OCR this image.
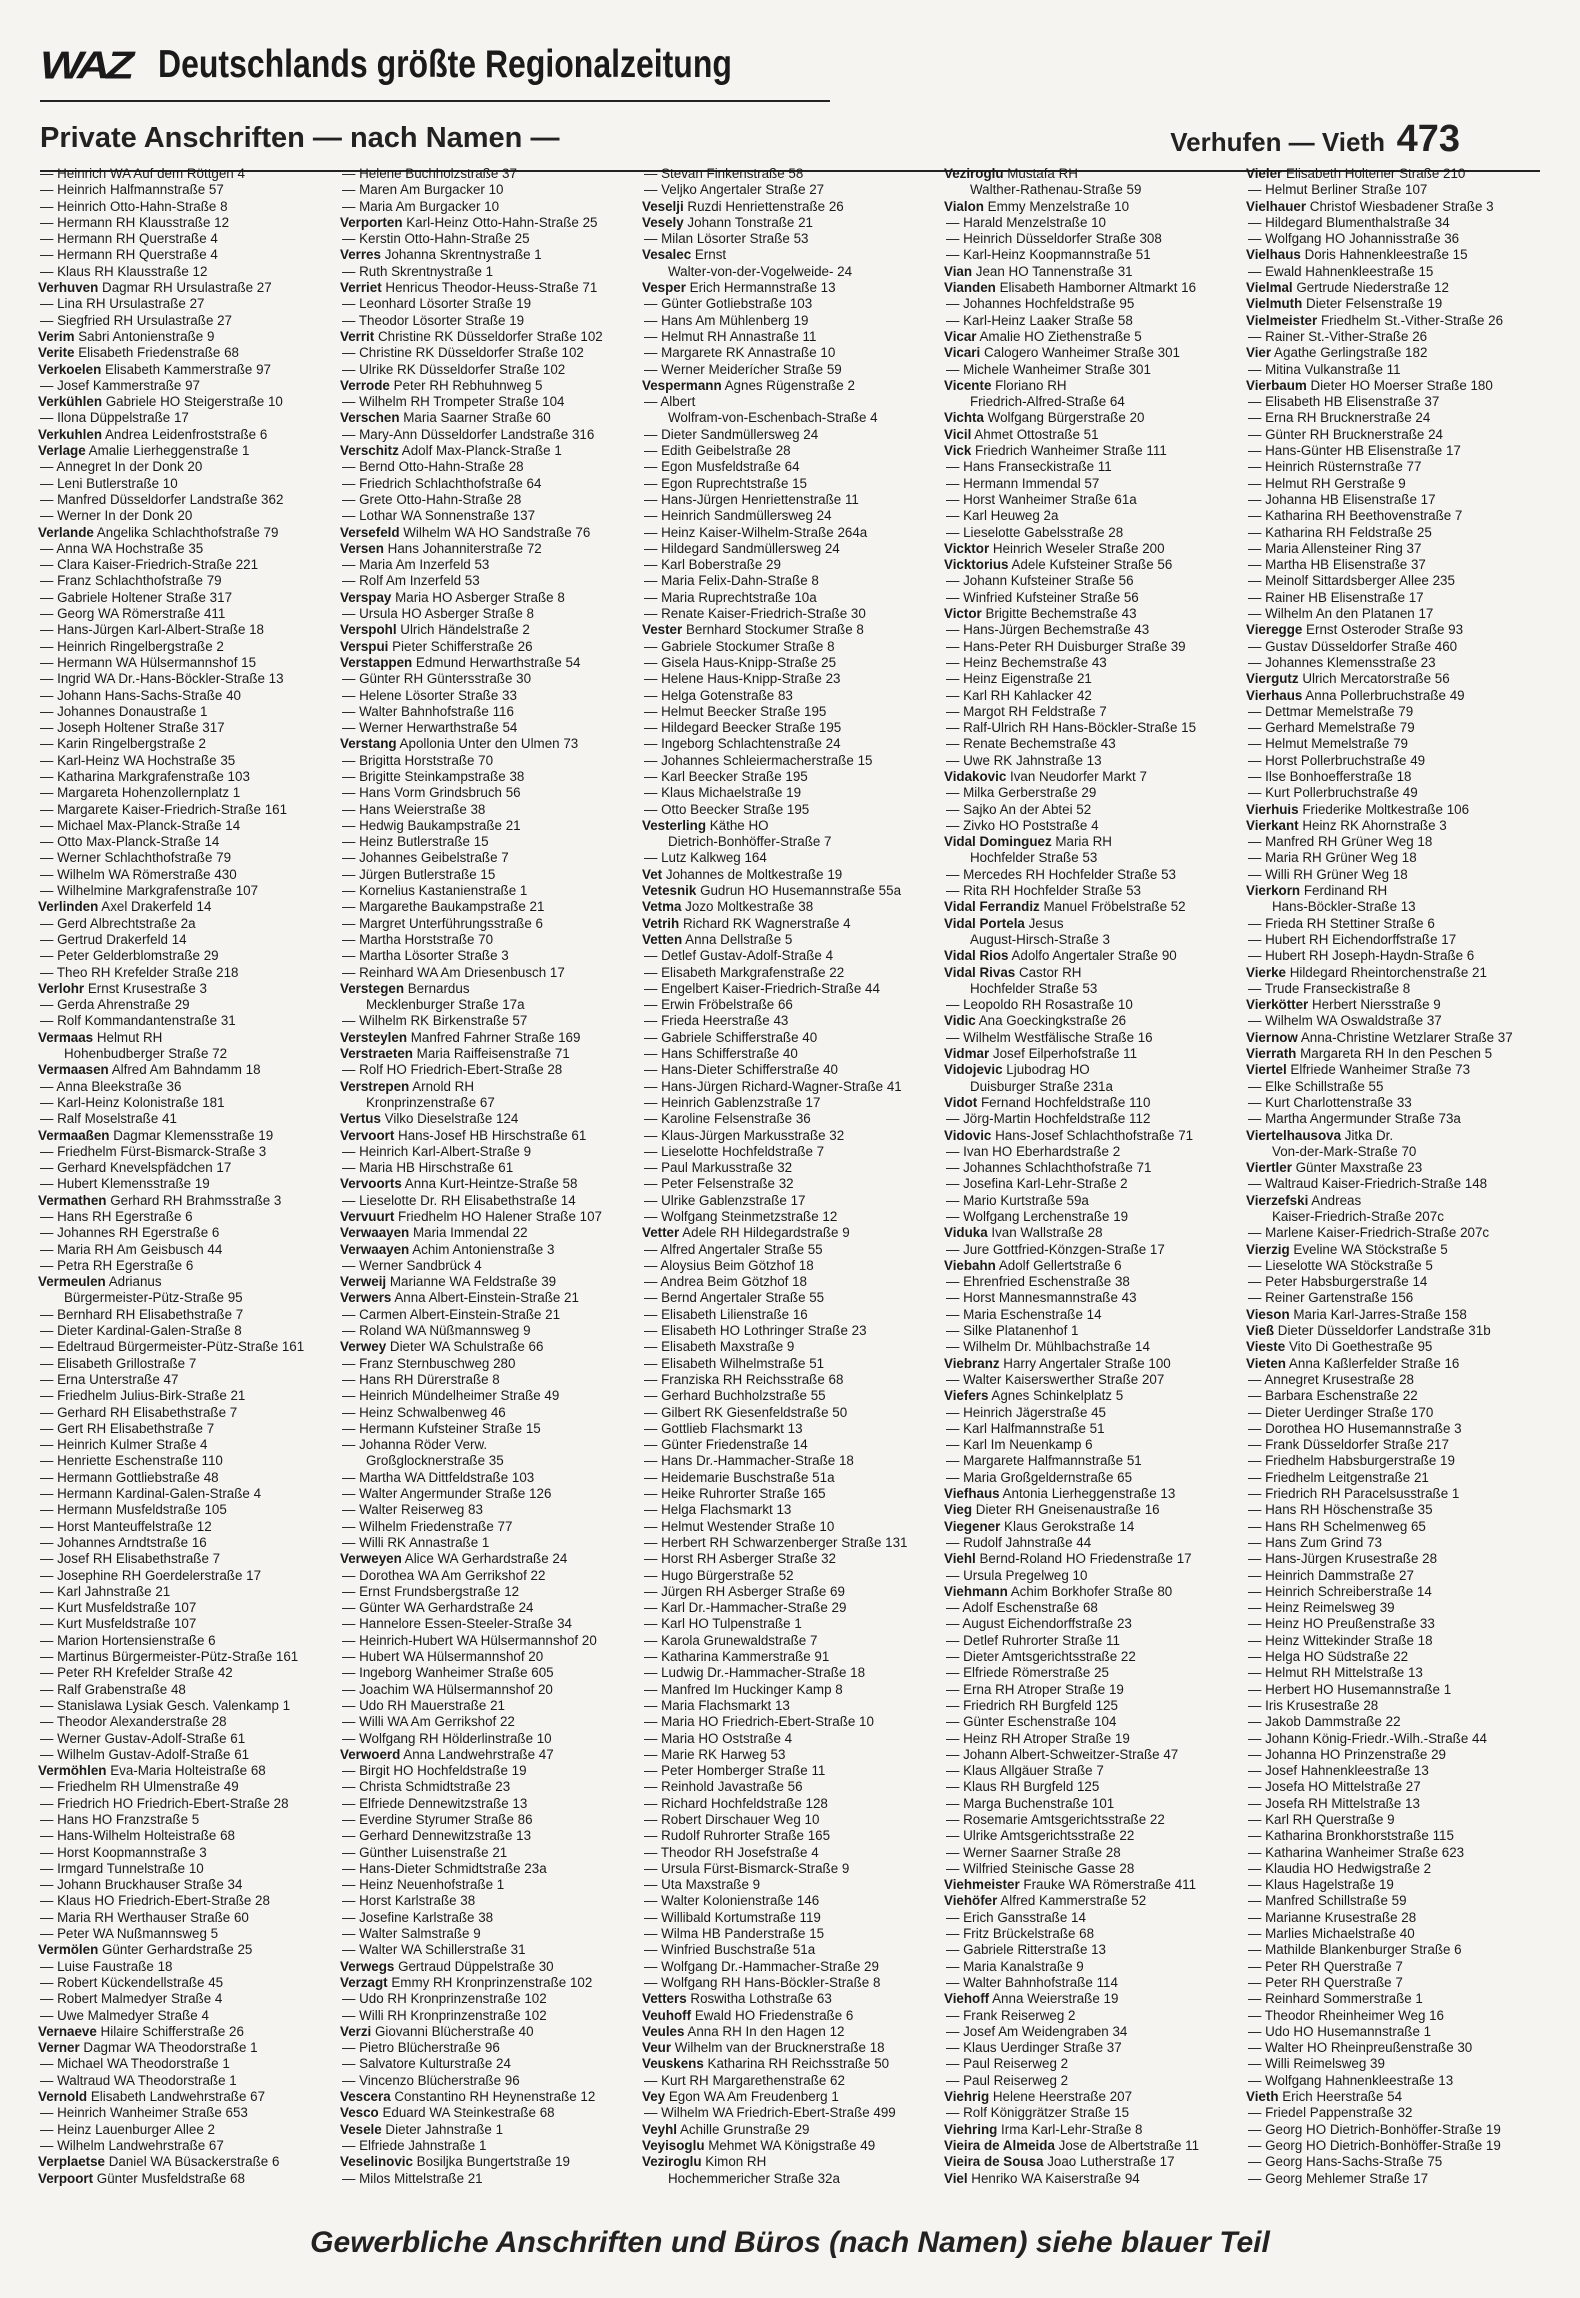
WAZ Deutschlands größte Regionalzeitung
Private Anschriften — nach Namen —	Verhufen — Vieth 473
— Heinrich WA Auf dem Röttgen 4
— Heinrich Halfmannstraße 57
— Heinrich Otto-Hahn-Straße 8
— Hermann RH Klausstraße 12
— Hermann RH Querstraße 4
— Hermann RH Querstraße 4
— Klaus RH Klausstraße 12
Verhuven Dagmar RH Ursulastraße 27
— Lina RH Ursulastraße 27
— Siegfried RH Ursulastraße 27
Verim Sabri Antonienstraße 9
Verite Elisabeth Friedenstraße 68
Verkoelen Elisabeth Kammerstraße 97
— Josef Kammerstraße 97
Verkühlen Gabriele HO Steigerstraße 10
— Ilona Düppelstraße 17
Verkuhlen Andrea Leidenfroststraße 6
Verlage Amalie Lierheggenstraße 1
— Annegret In der Donk 20
— Leni Butlerstraße 10
— Manfred Düsseldorfer Landstraße 362
— Werner In der Donk 20
Verlande Angelika Schlachthofstraße 79
— Anna WA Hochstraße 35
— Clara Kaiser-Friedrich-Straße 221
— Franz Schlachthofstraße 79
— Gabriele Holtener Straße 317
— Georg WA Römerstraße 411
— Hans-Jürgen Karl-Albert-Straße 18
— Heinrich Ringelbergstraße 2
— Hermann WA Hülsermannshof 15
— Ingrid WA Dr.-Hans-Böckler-Straße 13
— Johann Hans-Sachs-Straße 40
— Johannes Donaustraße 1
— Joseph Holtener Straße 317
— Karin Ringelbergstraße 2
— Karl-Heinz WA Hochstraße 35
— Katharina Markgrafenstraße 103
— Margareta Hohenzollernplatz 1
— Margarete Kaiser-Friedrich-Straße 161
— Michael Max-Planck-Straße 14
— Otto Max-Planck-Straße 14
— Werner Schlachthofstraße 79
— Wilhelm WA Römerstraße 430
— Wilhelmine Markgrafenstraße 107
Verlinden Axel Drakerfeld 14
— Gerd Albrechtstraße 2a
— Gertrud Drakerfeld 14
— Peter Gelderblomstraße 29
— Theo RH Krefelder Straße 218
Verlohr Ernst Krusestraße 3
— Gerda Ahrenstraße 29
— Rolf Kommandantenstraße 31
Vermaas Helmut RH
Hohenbudberger Straße 72
Vermaasen Alfred Am Bahndamm 18
— Anna Bleekstraße 36
— Karl-Heinz Kolonistraße 181
— Ralf Moselstraße 41
Vermaaßen Dagmar Klemensstraße 19
— Friedhelm Fürst-Bismarck-Straße 3
— Gerhard Knevelspfädchen 17
— Hubert Klemensstraße 19
Vermathen Gerhard RH Brahmsstraße 3
— Hans RH Egerstraße 6
— Johannes RH Egerstraße 6
— Maria RH Am Geisbusch 44
— Petra RH Egerstraße 6
Vermeulen Adrianus
Bürgermeister-Pütz-Straße 95
— Bernhard RH Elisabethstraße 7
— Dieter Kardinal-Galen-Straße 8
— Edeltraud Bürgermeister-Pütz-Straße 161
— Elisabeth Grillostraße 7
— Erna Unterstraße 47
— Friedhelm Julius-Birk-Straße 21
— Gerhard RH Elisabethstraße 7
— Gert RH Elisabethstraße 7
— Heinrich Kulmer Straße 4
— Henriette Eschenstraße 110
— Hermann Gottliebstraße 48
— Hermann Kardinal-Galen-Straße 4
— Hermann Musfeldstraße 105
— Horst Manteuffelstraße 12
— Johannes Arndtstraße 16
— Josef RH Elisabethstraße 7
— Josephine RH Goerdelerstraße 17
— Karl Jahnstraße 21
— Kurt Musfeldstraße 107
— Kurt Musfeldstraße 107
— Marion Hortensienstraße 6
— Martinus Bürgermeister-Pütz-Straße 161
— Peter RH Krefelder Straße 42
— Ralf Grabenstraße 48
— Stanislawa Lysiak Gesch. Valenkamp 1
— Theodor Alexanderstraße 28
— Werner Gustav-Adolf-Straße 61
— Wilhelm Gustav-Adolf-Straße 61
Vermöhlen Eva-Maria Holteistraße 68
— Friedhelm RH Ulmenstraße 49
— Friedrich HO Friedrich-Ebert-Straße 28
— Hans HO Franzstraße 5
— Hans-Wilhelm Holteistraße 68
— Horst Koopmannstraße 3
— Irmgard Tunnelstraße 10
— Johann Bruckhauser Straße 34
— Klaus HO Friedrich-Ebert-Straße 28
— Maria RH Werthauser Straße 60
— Peter WA Nußmannsweg 5
Vermölen Günter Gerhardstraße 25
— Luise Faustraße 18
— Robert Kückendellstraße 45
— Robert Malmedyer Straße 4
— Uwe Malmedyer Straße 4
Vernaeve Hilaire Schifferstraße 26
Verner Dagmar WA Theodorstraße 1
— Michael WA Theodorstraße 1
— Waltraud WA Theodorstraße 1
Vernold Elisabeth Landwehrstraße 67
— Heinrich Wanheimer Straße 653
— Heinz Lauenburger Allee 2
— Wilhelm Landwehrstraße 67
Verplaetse Daniel WA Büsackerstraße 6
Verpoort Günter Musfeldstraße 68
— Helene Buchholzstraße 37
— Maren Am Burgacker 10
— Maria Am Burgacker 10
Verporten Karl-Heinz Otto-Hahn-Straße 25
— Kerstin Otto-Hahn-Straße 25
Verres Johanna Skrentnystraße 1
— Ruth Skrentnystraße 1
Verriet Henricus Theodor-Heuss-Straße 71
— Leonhard Lösorter Straße 19
— Theodor Lösorter Straße 19
Verrit Christine RK Düsseldorfer Straße 102
— Christine RK Düsseldorfer Straße 102
— Ulrike RK Düsseldorfer Straße 102
Verrode Peter RH Rebhuhnweg 5
— Wilhelm RH Trompeter Straße 104
Verschen Maria Saarner Straße 60
— Mary-Ann Düsseldorfer Landstraße 316
Verschitz Adolf Max-Planck-Straße 1
— Bernd Otto-Hahn-Straße 28
— Friedrich Schlachthofstraße 64
— Grete Otto-Hahn-Straße 28
— Lothar WA Sonnenstraße 137
Versefeld Wilhelm WA HO Sandstraße 76
Versen Hans Johanniterstraße 72
— Maria Am Inzerfeld 53
— Rolf Am Inzerfeld 53
Verspay Maria HO Asberger Straße 8
— Ursula HO Asberger Straße 8
Verspohl Ulrich Händelstraße 2
Verspui Pieter Schifferstraße 26
Verstappen Edmund Herwarthstraße 54
— Günter RH Güntersstraße 30
— Helene Lösorter Straße 33
— Walter Bahnhofstraße 116
— Werner Herwarthstraße 54
Verstang Apollonia Unter den Ulmen 73
— Brigitta Horststraße 70
— Brigitte Steinkampstraße 38
— Hans Vorm Grindsbruch 56
— Hans Weierstraße 38
— Hedwig Baukampstraße 21
— Heinz Butlerstraße 15
— Johannes Geibelstraße 7
— Jürgen Butlerstraße 15
— Kornelius Kastanienstraße 1
— Margarethe Baukampstraße 21
— Margret Unterführungsstraße 6
— Martha Horststraße 70
— Martha Lösorter Straße 3
— Reinhard WA Am Driesenbusch 17
Verstegen Bernardus
Mecklenburger Straße 17a
— Wilhelm RK Birkenstraße 57
Versteylen Manfred Fahrner Straße 169
Verstraeten Maria Raiffeisenstraße 71
— Rolf HO Friedrich-Ebert-Straße 28
Verstrepen Arnold RH
Kronprinzenstraße 67
Vertus Vilko Dieselstraße 124
Vervoort Hans-Josef HB Hirschstraße 61
— Heinrich Karl-Albert-Straße 9
— Maria HB Hirschstraße 61
Vervoorts Anna Kurt-Heintze-Straße 58
— Lieselotte Dr. RH Elisabethstraße 14
Vervuurt Friedhelm HO Halener Straße 107
Verwaayen Maria Immendal 22
Verwaayen Achim Antonienstraße 3
— Werner Sandbrück 4
Verweij Marianne WA Feldstraße 39
Verwers Anna Albert-Einstein-Straße 21
— Carmen Albert-Einstein-Straße 21
— Roland WA Nüßmannsweg 9
Verwey Dieter WA Schulstraße 66
— Franz Sternbuschweg 280
— Hans RH Dürerstraße 8
— Heinrich Mündelheimer Straße 49
— Heinz Schwalbenweg 46
— Hermann Kufsteiner Straße 15
— Johanna Röder Verw.
Großglocknerstraße 35
— Martha WA Dittfeldstraße 103
— Walter Angermunder Straße 126
— Walter Reiserweg 83
— Wilhelm Friedenstraße 77
— Willi RK Annastraße 1
Verweyen Alice WA Gerhardstraße 24
— Dorothea WA Am Gerrikshof 22
— Ernst Frundsbergstraße 12
— Günter WA Gerhardstraße 24
— Hannelore Essen-Steeler-Straße 34
— Heinrich-Hubert WA Hülsermannshof 20
— Hubert WA Hülsermannshof 20
— Ingeborg Wanheimer Straße 605
— Joachim WA Hülsermannshof 20
— Udo RH Mauerstraße 21
— Willi WA Am Gerrikshof 22
— Wolfgang RH Hölderlinstraße 10
Verwoerd Anna Landwehrstraße 47
— Birgit HO Hochfeldstraße 19
— Christa Schmidtstraße 23
— Elfriede Dennewitzstraße 13
— Everdine Styrumer Straße 86
— Gerhard Dennewitzstraße 13
— Günther Luisenstraße 21
— Hans-Dieter Schmidtstraße 23a
— Heinz Neuenhofstraße 1
— Horst Karlstraße 38
— Josefine Karlstraße 38
— Walter Salmstraße 9
— Walter WA Schillerstraße 31
Verwegs Gertraud Düppelstraße 30
Verzagt Emmy RH Kronprinzenstraße 102
— Udo RH Kronprinzenstraße 102
— Willi RH Kronprinzenstraße 102
Verzi Giovanni Blücherstraße 40
— Pietro Blücherstraße 96
— Salvatore Kulturstraße 24
— Vincenzo Blücherstraße 96
Vescera Constantino RH Heynenstraße 12
Vesco Eduard WA Steinkestraße 68
Vesele Dieter Jahnstraße 1
— Elfriede Jahnstraße 1
Veselinovic Bosiljka Bungertstraße 19
— Milos Mittelstraße 21
— Stevan Finkenstraße 58
— Veljko Angertaler Straße 27
Veselji Ruzdi Henriettenstraße 26
Vesely Johann Tonstraße 21
— Milan Lösorter Straße 53
Vesalec Ernst
Walter-von-der-Vogelweide- 24
Vesper Erich Hermannstraße 13
— Günter Gotliebstraße 103
— Hans Am Mühlenberg 19
— Helmut RH Annastraße 11
— Margarete RK Annastraße 10
— Werner Meiderícher Straße 59
Vespermann Agnes Rügenstraße 2
— Albert
Wolfram-von-Eschenbach-Straße 4
— Dieter Sandmüllersweg 24
— Edith Geibelstraße 28
— Egon Musfeldstraße 64
— Egon Ruprechtstraße 15
— Hans-Jürgen Henriettenstraße 11
— Heinrich Sandmüllersweg 24
— Heinz Kaiser-Wilhelm-Straße 264a
— Hildegard Sandmüllersweg 24
— Karl Boberstraße 29
— Maria Felix-Dahn-Straße 8
— Maria Ruprechtstraße 10a
— Renate Kaiser-Friedrich-Straße 30
Vester Bernhard Stockumer Straße 8
— Gabriele Stockumer Straße 8
— Gisela Haus-Knipp-Straße 25
— Helene Haus-Knipp-Straße 23
— Helga Gotenstraße 83
— Helmut Beecker Straße 195
— Hildegard Beecker Straße 195
— Ingeborg Schlachtenstraße 24
— Johannes Schleiermacherstraße 15
— Karl Beecker Straße 195
— Klaus Michaelstraße 19
— Otto Beecker Straße 195
Vesterling Käthe HO
Dietrich-Bonhöffer-Straße 7
— Lutz Kalkweg 164
Vet Johannes de Moltkestraße 19
Vetesnik Gudrun HO Husemannstraße 55a
Vetma Jozo Moltkestraße 38
Vetrih Richard RK Wagnerstraße 4
Vetten Anna Dellstraße 5
— Detlef Gustav-Adolf-Straße 4
— Elisabeth Markgrafenstraße 22
— Engelbert Kaiser-Friedrich-Straße 44
— Erwin Fröbelstraße 66
— Frieda Heerstraße 43
— Gabriele Schifferstraße 40
— Hans Schifferstraße 40
— Hans-Dieter Schifferstraße 40
— Hans-Jürgen Richard-Wagner-Straße 41
— Heinrich Gablenzstraße 17
— Karoline Felsenstraße 36
— Klaus-Jürgen Markusstraße 32
— Lieselotte Hochfeldstraße 7
— Paul Markusstraße 32
— Peter Felsenstraße 32
— Ulrike Gablenzstraße 17
— Wolfgang Steinmetzstraße 12
Vetter Adele RH Hildegardstraße 9
— Alfred Angertaler Straße 55
— Aloysius Beim Götzhof 18
— Andrea Beim Götzhof 18
— Bernd Angertaler Straße 55
— Elisabeth Lilienstraße 16
— Elisabeth HO Lothringer Straße 23
— Elisabeth Maxstraße 9
— Elisabeth Wilhelmstraße 51
— Franziska RH Reichsstraße 68
— Gerhard Buchholzstraße 55
— Gilbert RK Giesenfeldstraße 50
— Gottlieb Flachsmarkt 13
— Günter Friedenstraße 14
— Hans Dr.-Hammacher-Straße 18
— Heidemarie Buschstraße 51a
— Heike Ruhrorter Straße 165
— Helga Flachsmarkt 13
— Helmut Westender Straße 10
— Herbert RH Schwarzenberger Straße 131
— Horst RH Asberger Straße 32
— Hugo Bürgerstraße 52
— Jürgen RH Asberger Straße 69
— Karl Dr.-Hammacher-Straße 29
— Karl HO Tulpenstraße 1
— Karola Grunewaldstraße 7
— Katharina Kammerstraße 91
— Ludwig Dr.-Hammacher-Straße 18
— Manfred Im Huckinger Kamp 8
— Maria Flachsmarkt 13
— Maria HO Friedrich-Ebert-Straße 10
— Maria HO Oststraße 4
— Marie RK Harweg 53
— Peter Homberger Straße 11
— Reinhold Javastraße 56
— Richard Hochfeldstraße 128
— Robert Dirschauer Weg 10
— Rudolf Ruhrorter Straße 165
— Theodor RH Josefstraße 4
— Ursula Fürst-Bismarck-Straße 9
— Uta Maxstraße 9
— Walter Kolonienstraße 146
— Willibald Kortumstraße 119
— Wilma HB Panderstraße 15
— Winfried Buschstraße 51a
— Wolfgang Dr.-Hammacher-Straße 29
— Wolfgang RH Hans-Böckler-Straße 8
Vetters Roswitha Lothstraße 63
Veuhoff Ewald HO Friedenstraße 6
Veules Anna RH In den Hagen 12
Veur Wilhelm van der Brucknerstraße 18
Veuskens Katharina RH Reichsstraße 50
— Kurt RH Margarethenstraße 62
Vey Egon WA Am Freudenberg 1
— Wilhelm WA Friedrich-Ebert-Straße 499
Veyhl Achille Grunstraße 29
Veyisoglu Mehmet WA Königstraße 49
Veziroglu Kimon RH
Hochemmericher Straße 32a
Veziroglu Mustafa RH
Walther-Rathenau-Straße 59
Vialon Emmy Menzelstraße 10
— Harald Menzelstraße 10
— Heinrich Düsseldorfer Straße 308
— Karl-Heinz Koopmannstraße 51
Vian Jean HO Tannenstraße 31
Vianden Elisabeth Hamborner Altmarkt 16
— Johannes Hochfeldstraße 95
— Karl-Heinz Laaker Straße 58
Vicar Amalie HO Ziethenstraße 5
Vicari Calogero Wanheimer Straße 301
— Michele Wanheimer Straße 301
Vicente Floriano RH
Friedrich-Alfred-Straße 64
Vichta Wolfgang Bürgerstraße 20
Vicil Ahmet Ottostraße 51
Vick Friedrich Wanheimer Straße 111
— Hans Franseckistraße 11
— Hermann Immendal 57
— Horst Wanheimer Straße 61a
— Karl Heuweg 2a
— Lieselotte Gabelsstraße 28
Vicktor Heinrich Weseler Straße 200
Vicktorius Adele Kufsteiner Straße 56
— Johann Kufsteiner Straße 56
— Winfried Kufsteiner Straße 56
Victor Brigitte Bechemstraße 43
— Hans-Jürgen Bechemstraße 43
— Hans-Peter RH Duisburger Straße 39
— Heinz Bechemstraße 43
— Heinz Eigenstraße 21
— Karl RH Kahlacker 42
— Margot RH Feldstraße 7
— Ralf-Ulrich RH Hans-Böckler-Straße 15
— Renate Bechemstraße 43
— Uwe RK Jahnstraße 13
Vidakovic Ivan Neudorfer Markt 7
— Milka Gerberstraße 29
— Sajko An der Abtei 52
— Zivko HO Poststraße 4
Vidal Dominguez Maria RH
Hochfelder Straße 53
— Mercedes RH Hochfelder Straße 53
— Rita RH Hochfelder Straße 53
Vidal Ferrandiz Manuel Fröbelstraße 52
Vidal Portela Jesus
August-Hirsch-Straße 3
Vidal Rios Adolfo Angertaler Straße 90
Vidal Rivas Castor RH
Hochfelder Straße 53
— Leopoldo RH Rosastraße 10
Vidic Ana Goeckingkstraße 26
— Wilhelm Westfälische Straße 16
Vidmar Josef Eilperhofstraße 11
Vidojevic Ljubodrag HO
Duisburger Straße 231a
Vidot Fernand Hochfeldstraße 110
— Jörg-Martin Hochfeldstraße 112
Vidovic Hans-Josef Schlachthofstraße 71
— Ivan HO Eberhardstraße 2
— Johannes Schlachthofstraße 71
— Josefina Karl-Lehr-Straße 2
— Mario Kurtstraße 59a
— Wolfgang Lerchenstraße 19
Viduka Ivan Wallstraße 28
— Jure Gottfried-Könzgen-Straße 17
Viebahn Adolf Gellertstraße 6
— Ehrenfried Eschenstraße 38
— Horst Mannesmannstraße 43
— Maria Eschenstraße 14
— Silke Platanenhof 1
— Wilhelm Dr. Mühlbachstraße 14
Viebranz Harry Angertaler Straße 100
— Walter Kaiserswerther Straße 207
Viefers Agnes Schinkelplatz 5
— Heinrich Jägerstraße 45
— Karl Halfmannstraße 51
— Karl Im Neuenkamp 6
— Margarete Halfmannstraße 51
— Maria Großgeldernstraße 65
Viefhaus Antonia Lierheggenstraße 13
Vieg Dieter RH Gneisenaustraße 16
Viegener Klaus Gerokstraße 14
— Rudolf Jahnstraße 44
Viehl Bernd-Roland HO Friedenstraße 17
— Ursula Pregelweg 10
Viehmann Achim Borkhofer Straße 80
— Adolf Eschenstraße 68
— August Eichendorffstraße 23
— Detlef Ruhrorter Straße 11
— Dieter Amtsgerichtsstraße 22
— Elfriede Römerstraße 25
— Erna RH Atroper Straße 19
— Friedrich RH Burgfeld 125
— Günter Eschenstraße 104
— Heinz RH Atroper Straße 19
— Johann Albert-Schweitzer-Straße 47
— Klaus Allgäuer Straße 7
— Klaus RH Burgfeld 125
— Marga Buchenstraße 101
— Rosemarie Amtsgerichtsstraße 22
— Ulrike Amtsgerichtsstraße 22
— Werner Saarner Straße 28
— Wilfried Steinische Gasse 28
Viehmeister Frauke WA Römerstraße 411
Viehöfer Alfred Kammerstraße 52
— Erich Gansstraße 14
— Fritz Brückelstraße 68
— Gabriele Ritterstraße 13
— Maria Kanalstraße 9
— Walter Bahnhofstraße 114
Viehoff Anna Weierstraße 19
— Frank Reiserweg 2
— Josef Am Weidengraben 34
— Klaus Uerdinger Straße 37
— Paul Reiserweg 2
— Paul Reiserweg 2
Viehrig Helene Heerstraße 207
— Rolf Königgrätzer Straße 15
Viehring Irma Karl-Lehr-Straße 8
Vieira de Almeida Jose de Albertstraße 11
Vieira de Sousa Joao Lutherstraße 17
Viel Henriko WA Kaiserstraße 94
Vieler Elisabeth Holtener Straße 210
— Helmut Berliner Straße 107
Vielhauer Christof Wiesbadener Straße 3
— Hildegard Blumenthalstraße 34
— Wolfgang HO Johannisstraße 36
Vielhaus Doris Hahnenkleestraße 15
— Ewald Hahnenkleestraße 15
Vielmal Gertrude Niederstraße 12
Vielmuth Dieter Felsenstraße 19
Vielmeister Friedhelm St.-Vither-Straße 26
— Rainer St.-Vither-Straße 26
Vier Agathe Gerlingstraße 182
— Mitina Vulkanstraße 11
Vierbaum Dieter HO Moerser Straße 180
— Elisabeth HB Elisenstraße 37
— Erna RH Brucknerstraße 24
— Günter RH Brucknerstraße 24
— Hans-Günter HB Elisenstraße 17
— Heinrich Rüsternstraße 77
— Helmut RH Gerstraße 9
— Johanna HB Elisenstraße 17
— Katharina RH Beethovenstraße 7
— Katharina RH Feldstraße 25
— Maria Allensteiner Ring 37
— Martha HB Elisenstraße 37
— Meinolf Sittardsberger Allee 235
— Rainer HB Elisenstraße 17
— Wilhelm An den Platanen 17
Vieregge Ernst Osteroder Straße 93
— Gustav Düsseldorfer Straße 460
— Johannes Klemensstraße 23
Viergutz Ulrich Mercatorstraße 56
Vierhaus Anna Pollerbruchstraße 49
— Dettmar Memelstraße 79
— Gerhard Memelstraße 79
— Helmut Memelstraße 79
— Horst Pollerbruchstraße 49
— Ilse Bonhoefferstraße 18
— Kurt Pollerbruchstraße 49
Vierhuis Friederike Moltkestraße 106
Vierkant Heinz RK Ahornstraße 3
— Manfred RH Grüner Weg 18
— Maria RH Grüner Weg 18
— Willi RH Grüner Weg 18
Vierkorn Ferdinand RH
Hans-Böckler-Straße 13
— Frieda RH Stettiner Straße 6
— Hubert RH Eichendorffstraße 17
— Hubert RH Joseph-Haydn-Straße 6
Vierke Hildegard Rheintorchenstraße 21
— Trude Franseckistraße 8
Vierkötter Herbert Niersstraße 9
— Wilhelm WA Oswaldstraße 37
Viernow Anna-Christine Wetzlarer Straße 37
Vierrath Margareta RH In den Peschen 5
Viertel Elfriede Wanheimer Straße 73
— Elke Schillstraße 55
— Kurt Charlottenstraße 33
— Martha Angermunder Straße 73a
Viertelhausova Jitka Dr.
Von-der-Mark-Straße 70
Viertler Günter Maxstraße 23
— Waltraud Kaiser-Friedrich-Straße 148
Vierzefski Andreas
Kaiser-Friedrich-Straße 207c
— Marlene Kaiser-Friedrich-Straße 207c
Vierzig Eveline WA Stöckstraße 5
— Lieselotte WA Stöckstraße 5
— Peter Habsburgerstraße 14
— Reiner Gartenstraße 156
Vieson Maria Karl-Jarres-Straße 158
Vieß Dieter Düsseldorfer Landstraße 31b
Vieste Vito Di Goethestraße 95
Vieten Anna Kaßlerfelder Straße 16
— Annegret Krusestraße 28
— Barbara Eschenstraße 22
— Dieter Uerdinger Straße 170
— Dorothea HO Husemannstraße 3
— Frank Düsseldorfer Straße 217
— Friedhelm Habsburgerstraße 19
— Friedhelm Leitgenstraße 21
— Friedrich RH Paracelsusstraße 1
— Hans RH Höschenstraße 35
— Hans RH Schelmenweg 65
— Hans Zum Grind 73
— Hans-Jürgen Krusestraße 28
— Heinrich Dammstraße 27
— Heinrich Schreiberstraße 14
— Heinz Reimelsweg 39
— Heinz HO Preußenstraße 33
— Heinz Wittekinder Straße 18
— Helga HO Südstraße 22
— Helmut RH Mittelstraße 13
— Herbert HO Husemannstraße 1
— Iris Krusestraße 28
— Jakob Dammstraße 22
— Johann König-Friedr.-Wilh.-Straße 44
— Johanna HO Prinzenstraße 29
— Josef Hahnenkleestraße 13
— Josefa HO Mittelstraße 27
— Josefa RH Mittelstraße 13
— Karl RH Querstraße 9
— Katharina Bronkhorststraße 115
— Katharina Wanheimer Straße 623
— Klaudia HO Hedwigstraße 2
— Klaus Hagelstraße 19
— Manfred Schillstraße 59
— Marianne Krusestraße 28
— Marlies Michaelstraße 40
— Mathilde Blankenburger Straße 6
— Peter RH Querstraße 7
— Peter RH Querstraße 7
— Reinhard Sommerstraße 1
— Theodor Rheinheimer Weg 16
— Udo HO Husemannstraße 1
— Walter HO Rheinpreußenstraße 30
— Willi Reimelsweg 39
— Wolfgang Hahnenkleestraße 13
Vieth Erich Heerstraße 54
— Friedel Pappenstraße 32
— Georg HO Dietrich-Bonhöffer-Straße 19
— Georg HO Dietrich-Bonhöffer-Straße 19
— Georg Hans-Sachs-Straße 75
— Georg Mehlemer Straße 17
Gewerbliche Anschriften und Büros (nach Namen) siehe blauer Teil
